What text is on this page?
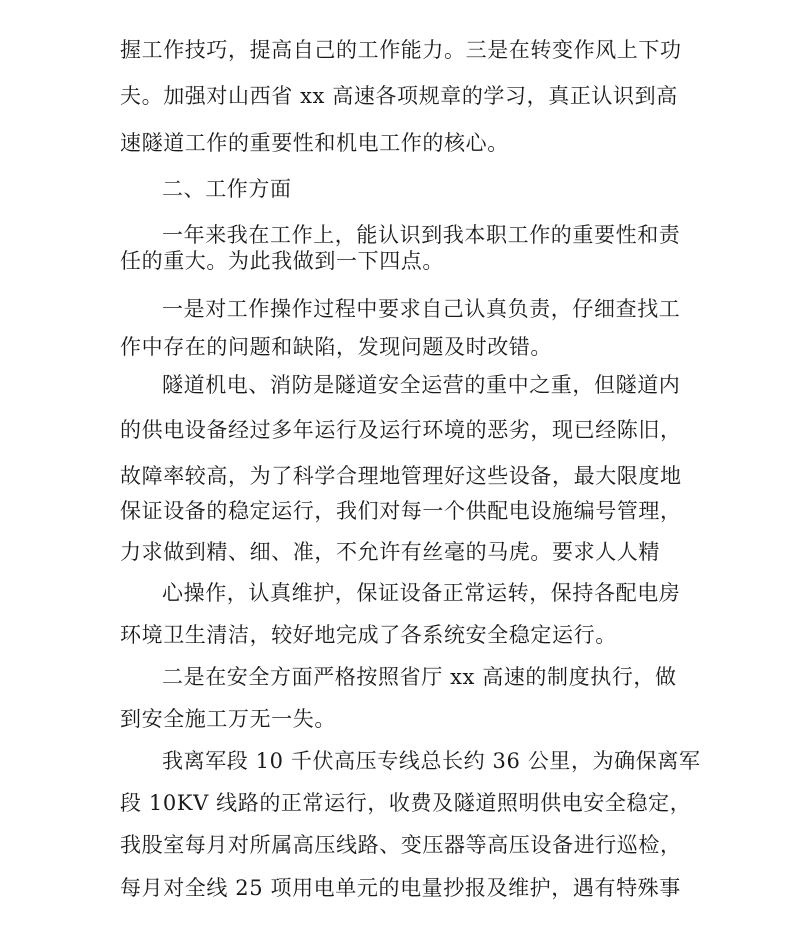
握工作技巧，提高自己的工作能力。三是在转变作风上下功
夫。加强对山西省 xx 高速各项规章的学习，真正认识到高
速隧道工作的重要性和机电工作的核心。
二、工作方面
一年来我在工作上，能认识到我本职工作的重要性和责
任的重大。为此我做到一下四点。
一是对工作操作过程中要求自己认真负责，仔细查找工
作中存在的问题和缺陷，发现问题及时改错。
隧道机电、消防是隧道安全运营的重中之重，但隧道内
的供电设备经过多年运行及运行环境的恶劣，现已经陈旧，
故障率较高，为了科学合理地管理好这些设备，最大限度地
保证设备的稳定运行，我们对每一个供配电设施编号管理，
力求做到精、细、准，不允许有丝毫的马虎。要求人人精
心操作，认真维护，保证设备正常运转，保持各配电房
环境卫生清洁，较好地完成了各系统安全稳定运行。
二是在安全方面严格按照省厅 xx 高速的制度执行，做
到安全施工万无一失。
我离军段 10 千伏高压专线总长约 36 公里，为确保离军
段 10KV 线路的正常运行，收费及隧道照明供电安全稳定，
我股室每月对所属高压线路、变压器等高压设备进行巡检，
每月对全线 25 项用电单元的电量抄报及维护，遇有特殊事
